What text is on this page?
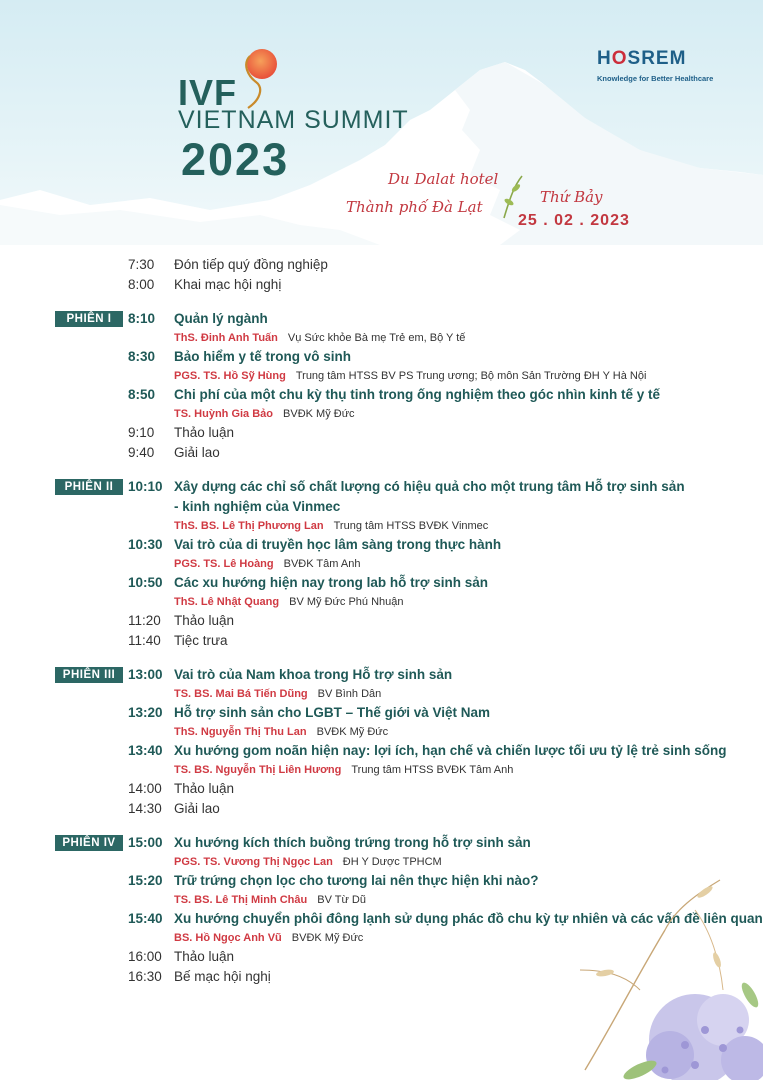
IVF
VIETNAM SUMMIT
2023
HOSREM
Knowledge for Better Healthcare
Du Dalat hotel
Thành phố Đà Lạt
Thứ Bảy
25 . 02 . 2023
7:30	Đón tiếp quý đồng nghiệp
8:00	Khai mạc hội nghị
PHIÊN I	8:10	Quản lý ngành
ThS. Đinh Anh Tuấn Vụ Sức khỏe Bà mẹ Trẻ em, Bộ Y tế
8:30	Bảo hiểm y tế trong vô sinh
PGS. TS. Hồ Sỹ Hùng Trung tâm HTSS BV PS Trung ương; Bộ môn Sản Trường ĐH Y Hà Nội
8:50	Chi phí của một chu kỳ thụ tinh trong ống nghiệm theo góc nhìn kinh tế y tế
TS. Huỳnh Gia Bảo BVĐK Mỹ Đức
9:10	Thảo luận
9:40	Giải lao
PHIÊN II	10:10 Xây dựng các chỉ số chất lượng có hiệu quả cho một trung tâm Hỗ trợ sinh sản
- kinh nghiệm của Vinmec
ThS. BS. Lê Thị Phương Lan Trung tâm HTSS BVĐK Vinmec
10:30 Vai trò của di truyền học lâm sàng trong thực hành
PGS. TS. Lê Hoàng BVĐK Tâm Anh
10:50 Các xu hướng hiện nay trong lab hỗ trợ sinh sản
ThS. Lê Nhật Quang BV Mỹ Đức Phú Nhuận
11:20 Thảo luận
11:40 Tiệc trưa
PHIÊN III 13:00 Vai trò của Nam khoa trong Hỗ trợ sinh sản
TS. BS. Mai Bá Tiến Dũng BV Bình Dân
13:20 Hỗ trợ sinh sản cho LGBT – Thế giới và Việt Nam
ThS. Nguyễn Thị Thu Lan BVĐK Mỹ Đức
13:40 Xu hướng gom noãn hiện nay: lợi ích, hạn chế và chiến lược tối ưu tỷ lệ trẻ sinh sống
TS. BS. Nguyễn Thị Liên Hương Trung tâm HTSS BVĐK Tâm Anh
14:00 Thảo luận
14:30 Giải lao
PHIÊN IV 15:00 Xu hướng kích thích buồng trứng trong hỗ trợ sinh sản
PGS. TS. Vương Thị Ngọc Lan ĐH Y Dược TPHCM
15:20 Trữ trứng chọn lọc cho tương lai nên thực hiện khi nào?
TS. BS. Lê Thị Minh Châu BV Từ Dũ
15:40 Xu hướng chuyển phôi đông lạnh sử dụng phác đồ chu kỳ tự nhiên và các vấn đề liên quan
BS. Hồ Ngọc Anh Vũ BVĐK Mỹ Đức
16:00 Thảo luận
16:30 Bế mạc hội nghị
